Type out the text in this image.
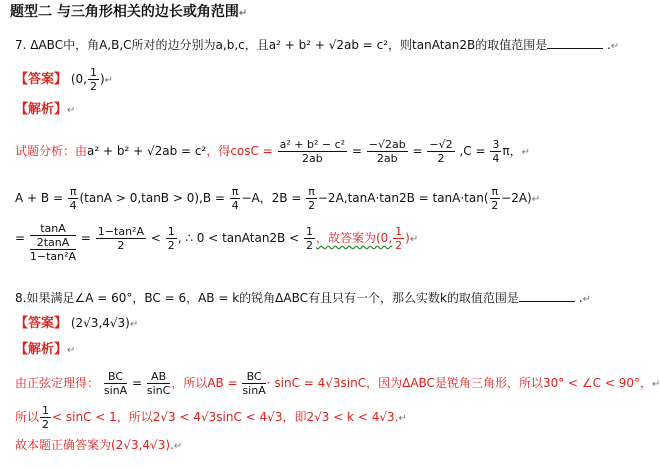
题型二 与三角形相关的边长或角范围↵
7. ΔABC中，角A,B,C所对的边分别为a,b,c，且a² + b² + √2ab = c²，则tanAtan2B的取值范围是	.↵
【答案】 (0, $\frac{1}{2}$ )↵
【解析】↵
试题分析：由a² + b² + √2ab = c²，得$\cos C = \frac{\text{a² + b² − c²}}{2ab} = \frac{-√2ab}{2ab} = \frac{-√2}{2} ,C = \frac{3}{4}$ π，↵
$A + B = \frac{\pi}{4} (\tan A > 0,\tan B > 0),B = \frac{\pi}{4} -A$，$2B = \frac{\pi}{2} -2A,\tan A\cdot\tan 2B = \tan A\cdot\tan( \frac{\pi}{2}$ −2A)↵
=
tanA
2tanA
1−tan²A
= $\frac{\text{1−tan²A}}{2} < \frac{1}{2}$ , ∴ 0 < tanAtan2B < $\frac{1}{2}$ ，故答案为(0, $\frac{1}{2}$ )↵
8.如果满足∠A = 60°，BC = 6，AB = k的锐角ΔABC有且只有一个，那么实数k的取值范围是	.↵
【答案】 (2√3,4√3)↵
【解析】↵
由正弦定理得： $\frac{BC}{\sin A} = \frac{AB}{\sin C}$ ，所以AB = $\frac{BC}{\sin A} \cdot \sin C = 4√3\sin C$，因为ΔABC是锐角三角形，所以30° < ∠C < 90°，↵
所以 $\frac{1}{2} < \sin C < 1$，所以2√3 < 4√3sinC < 4√3，即2√3 < k < 4√3.↵
故本题正确答案为(2√3,4√3).↵
